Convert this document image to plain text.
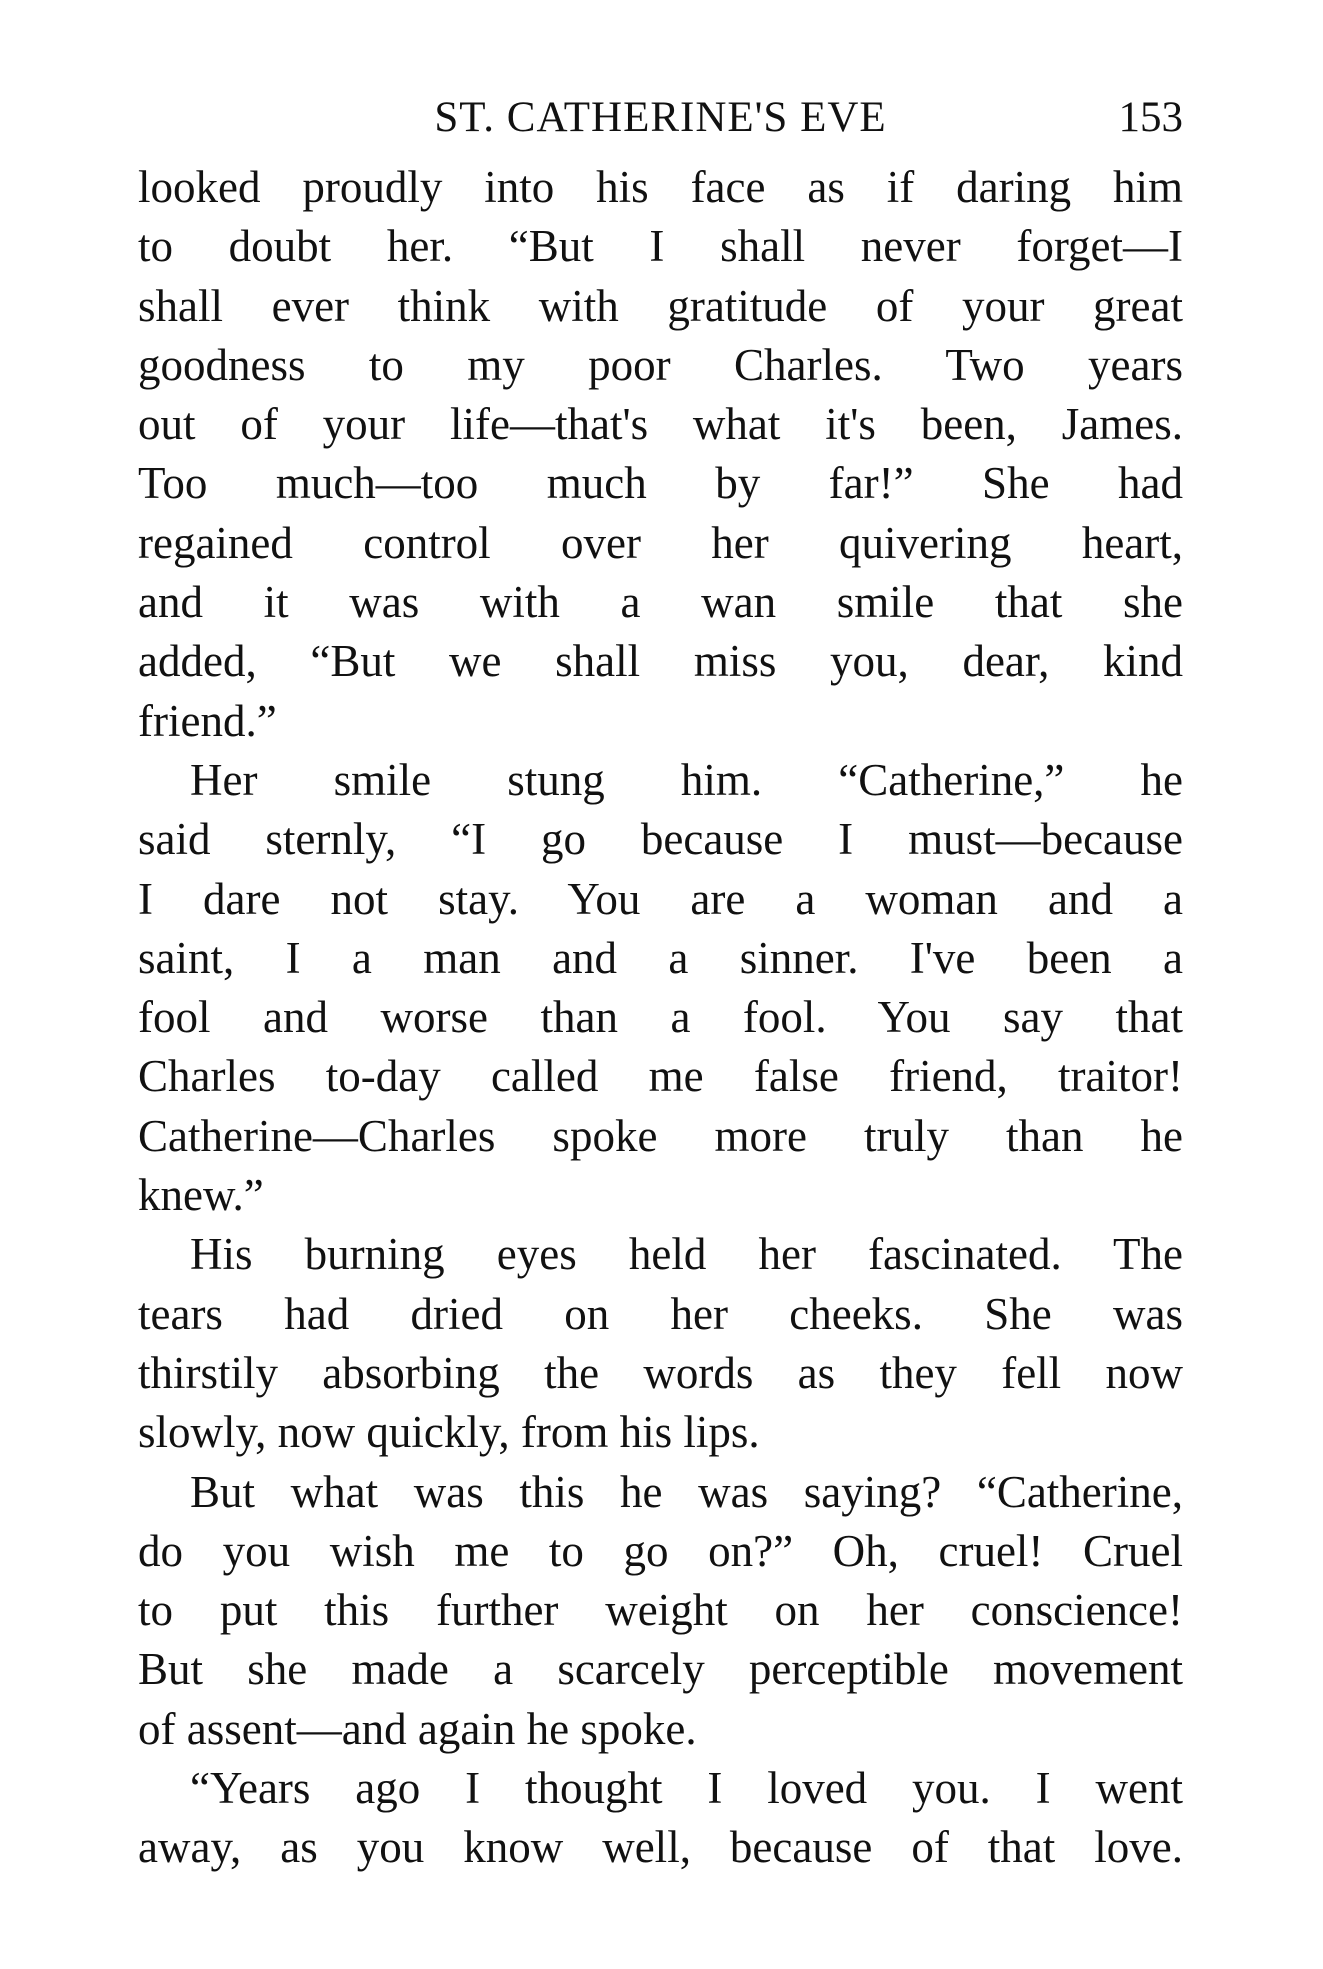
ST. CATHERINE'S EVE	153
looked proudly into his face as if daring him
to doubt her. “But I shall never forget—I
shall ever think with gratitude of your great
goodness to my poor Charles. Two years
out of your life—that's what it's been, James.
Too much—too much by far!” She had
regained control over her quivering heart,
and it was with a wan smile that she
added, “But we shall miss you, dear, kind
friend.”
Her smile stung him. “Catherine,” he
said sternly, “I go because I must—because
I dare not stay. You are a woman and a
saint, I a man and a sinner. I've been a
fool and worse than a fool. You say that
Charles to-day called me false friend, traitor!
Catherine—Charles spoke more truly than he
knew.”
His burning eyes held her fascinated. The
tears had dried on her cheeks. She was
thirstily absorbing the words as they fell now
slowly, now quickly, from his lips.
But what was this he was saying? “Catherine,
do you wish me to go on?” Oh, cruel! Cruel
to put this further weight on her conscience!
But she made a scarcely perceptible movement
of assent—and again he spoke.
“Years ago I thought I loved you. I went
away, as you know well, because of that love.
